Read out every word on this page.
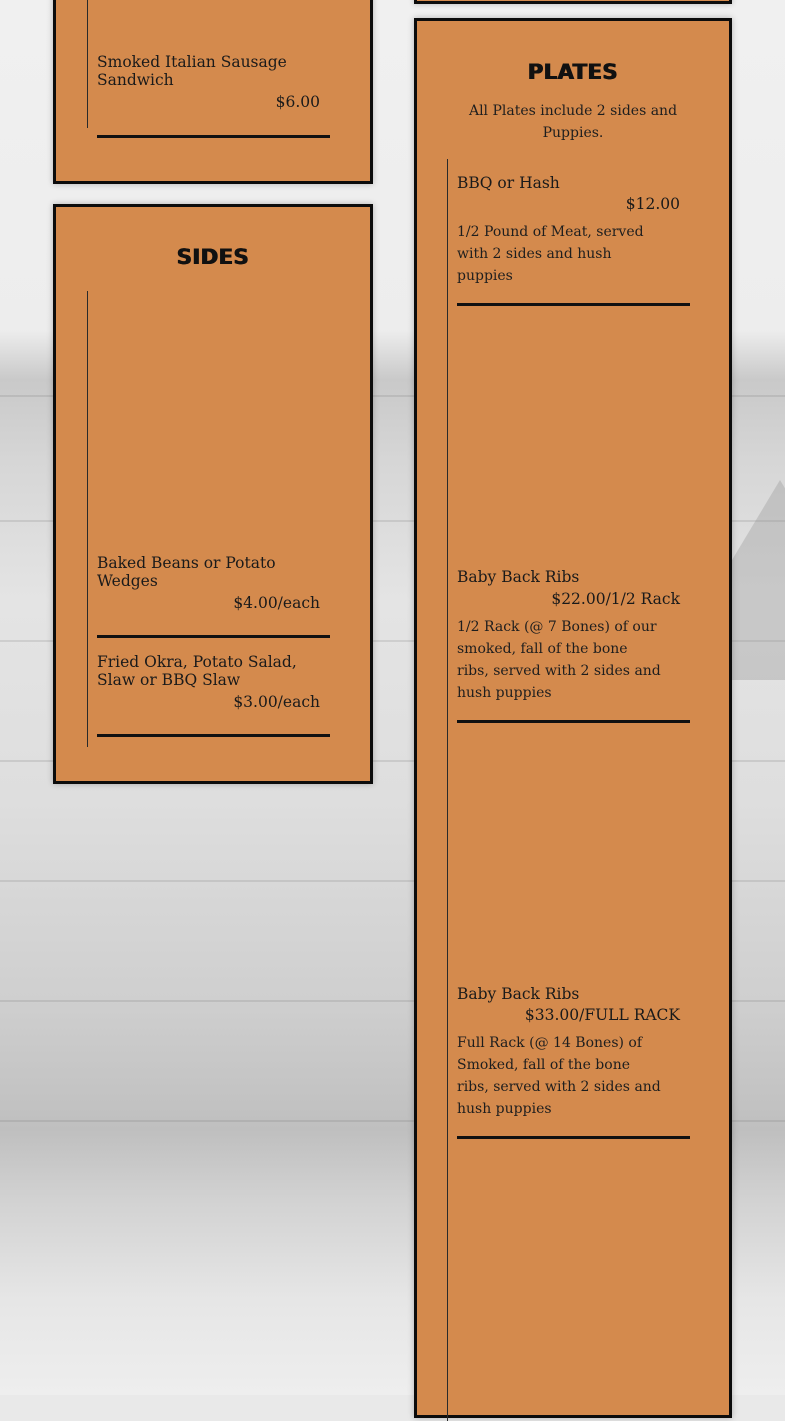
Smoked Italian Sausage Sandwich
$6.00
SIDES
Baked Beans or Potato Wedges
$4.00/each
Fried Okra, Potato Salad, Slaw or BBQ Slaw
$3.00/each
PLATES
All Plates include 2 sides and Puppies.
BBQ or Hash
$12.00
1/2 Pound of Meat, served with 2 sides and hush puppies
Baby Back Ribs
$22.00/1/2 Rack
1/2 Rack (@ 7 Bones) of our smoked, fall of the bone ribs, served with 2 sides and hush puppies
Baby Back Ribs
$33.00/FULL RACK
Full Rack (@ 14 Bones) of Smoked, fall of the bone ribs, served with 2 sides and hush puppies
